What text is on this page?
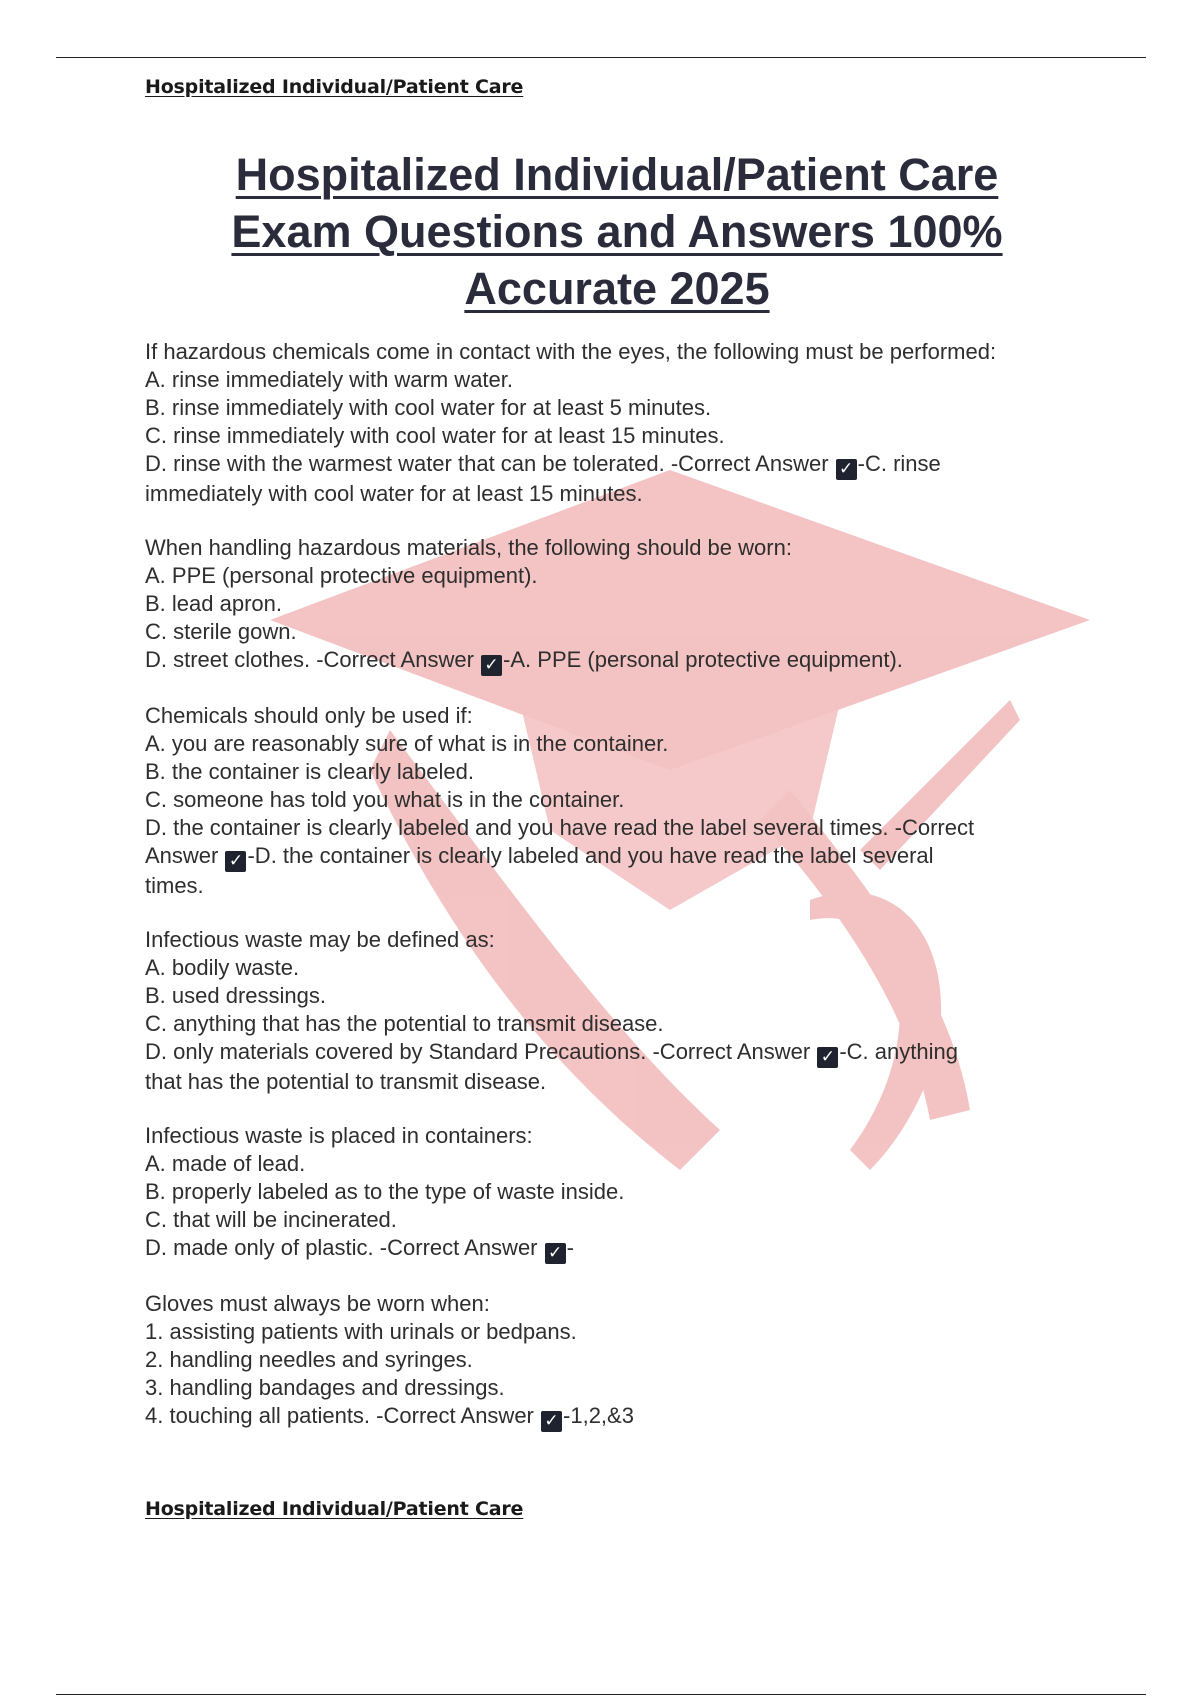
Hospitalized Individual/Patient Care
Hospitalized Individual/Patient Care
Exam Questions and Answers 100%
Accurate 2025

If hazardous chemicals come in contact with the eyes, the following must be performed:

A. rinse immediately with warm water.

B. rinse immediately with cool water for at least 5 minutes.

C. rinse immediately with cool water for at least 15 minutes.

D. rinse with the warmest water that can be tolerated. -Correct Answer ✓ -C. rinse

immediately with cool water for at least 15 minutes.

When handling hazardous materials, the following should be worn:

A. PPE (personal protective equipment).

B. lead apron.

C. sterile gown.

D. street clothes. -Correct Answer ✓ -A. PPE (personal protective equipment).

Chemicals should only be used if:

A. you are reasonably sure of what is in the container.

B. the container is clearly labeled.

C. someone has told you what is in the container.

D. the container is clearly labeled and you have read the label several times. -Correct

Answer ✓ -D. the container is clearly labeled and you have read the label several

times.

Infectious waste may be defined as:

A. bodily waste.

B. used dressings.

C. anything that has the potential to transmit disease.

D. only materials covered by Standard Precautions. -Correct Answer ✓ -C. anything

that has the potential to transmit disease.

Infectious waste is placed in containers:

A. made of lead.

B. properly labeled as to the type of waste inside.

C. that will be incinerated.

D. made only of plastic. -Correct Answer ✓ -

Gloves must always be worn when:

1. assisting patients with urinals or bedpans.

2. handling needles and syringes.

3. handling bandages and dressings.

4. touching all patients. -Correct Answer ✓ -1,2,&3

Hospitalized Individual/Patient Care
